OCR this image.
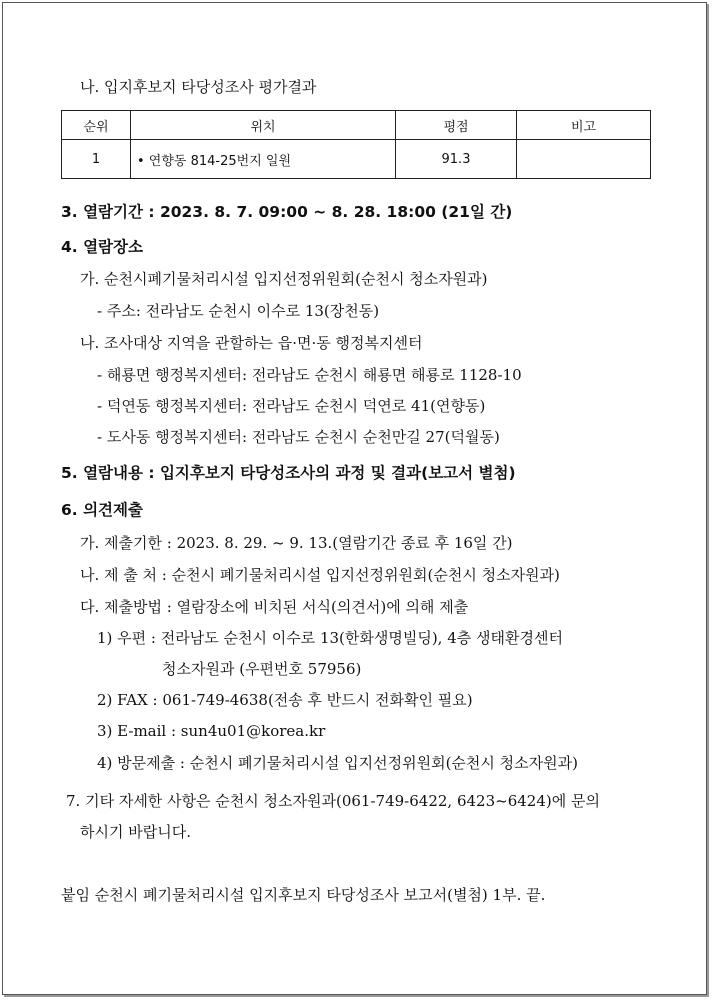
나. 입지후보지 타당성조사 평가결과
순위	위치	평점	비고
1	• 연향동 814-25번지 일원	91.3	
3. 열람기간 : 2023. 8. 7. 09:00 ~ 8. 28. 18:00 (21일 간)
4. 열람장소
가. 순천시폐기물처리시설 입지선정위원회(순천시 청소자원과)
- 주소: 전라남도 순천시 이수로 13(장천동)
나. 조사대상 지역을 관할하는 읍·면·동 행정복지센터
- 해룡면 행정복지센터: 전라남도 순천시 해룡면 해룡로 1128-10
- 덕연동 행정복지센터: 전라남도 순천시 덕연로 41(연향동)
- 도사동 행정복지센터: 전라남도 순천시 순천만길 27(덕월동)
5. 열람내용 : 입지후보지 타당성조사의 과정 및 결과(보고서 별첨)
6. 의견제출
가. 제출기한 : 2023. 8. 29. ~ 9. 13.(열람기간 종료 후 16일 간)
나. 제 출 처 : 순천시 폐기물처리시설 입지선정위원회(순천시 청소자원과)
다. 제출방법 : 열람장소에 비치된 서식(의견서)에 의해 제출
1) 우편 : 전라남도 순천시 이수로 13(한화생명빌딩), 4층 생태환경센터
청소자원과 (우편번호 57956)
2) FAX : 061-749-4638(전송 후 반드시 전화확인 필요)
3) E-mail : sun4u01@korea.kr
4) 방문제출 : 순천시 폐기물처리시설 입지선정위원회(순천시 청소자원과)
7. 기타 자세한 사항은 순천시 청소자원과(061-749-6422, 6423~6424)에 문의
하시기 바랍니다.
붙임 순천시 폐기물처리시설 입지후보지 타당성조사 보고서(별첨) 1부. 끝.
